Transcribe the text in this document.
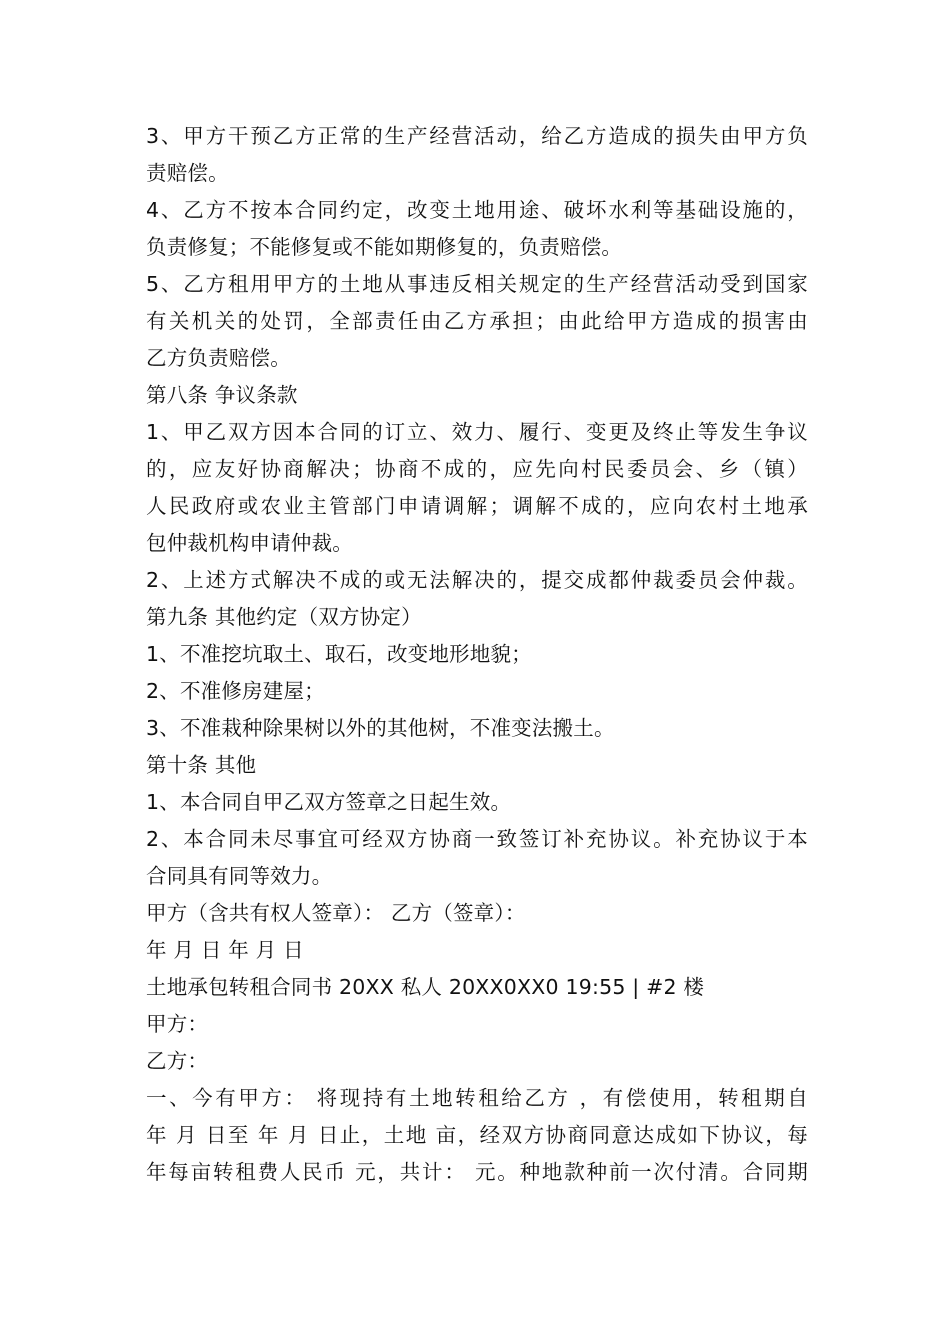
3、甲方干预乙方正常的生产经营活动，给乙方造成的损失由甲方负
责赔偿。
4、乙方不按本合同约定，改变土地用途、破坏水利等基础设施的，
负责修复；不能修复或不能如期修复的，负责赔偿。
5、乙方租用甲方的土地从事违反相关规定的生产经营活动受到国家
有关机关的处罚，全部责任由乙方承担；由此给甲方造成的损害由
乙方负责赔偿。
第八条 争议条款
1、甲乙双方因本合同的订立、效力、履行、变更及终止等发生争议
的，应友好协商解决；协商不成的，应先向村民委员会、乡（镇）
人民政府或农业主管部门申请调解；调解不成的，应向农村土地承
包仲裁机构申请仲裁。
2、上述方式解决不成的或无法解决的，提交成都仲裁委员会仲裁。
第九条 其他约定（双方协定）
1、不准挖坑取土、取石，改变地形地貌；
2、不准修房建屋；
3、不准栽种除果树以外的其他树，不准变法搬土。
第十条 其他
1、本合同自甲乙双方签章之日起生效。
2、本合同未尽事宜可经双方协商一致签订补充协议。补充协议于本
合同具有同等效力。
甲方（含共有权人签章）： 乙方（签章）：
年 月 日 年 月 日
土地承包转租合同书 20XX 私人 20XX0XX0 19:55 | #2 楼
甲方：
乙方：
一、今有甲方： 将现持有土地转租给乙方 ，有偿使用，转租期自
年 月 日至 年 月 日止，土地 亩，经双方协商同意达成如下协议，每
年每亩转租费人民币 元，共计： 元。种地款种前一次付清。合同期
